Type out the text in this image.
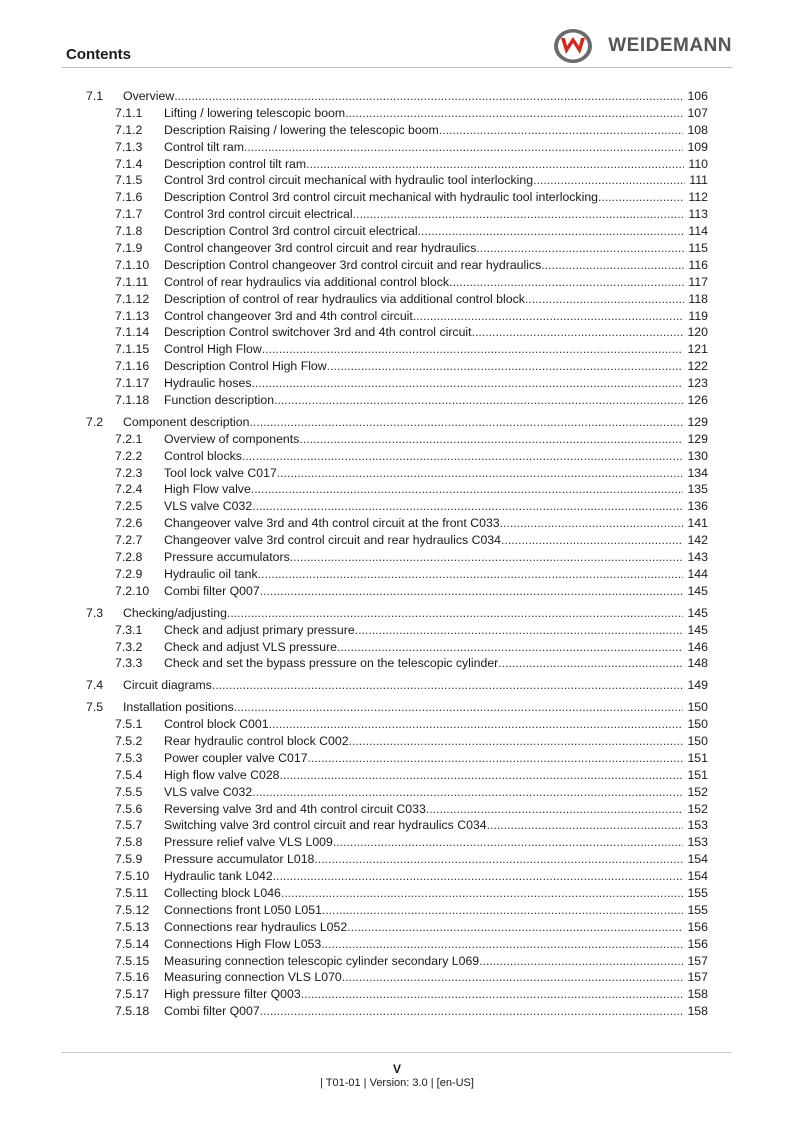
Contents	WEIDEMANN
7.1 Overview .....	106
7.1.1 Lifting / lowering telescopic boom .....	107
7.1.2 Description Raising / lowering the telescopic boom .....	108
7.1.3 Control tilt ram .....	109
7.1.4 Description control tilt ram .....	110
7.1.5 Control 3rd control circuit mechanical with hydraulic tool interlocking .....	111
7.1.6 Description Control 3rd control circuit mechanical with hydraulic tool interlocking .....	112
7.1.7 Control 3rd control circuit electrical .....	113
7.1.8 Description Control 3rd control circuit electrical .....	114
7.1.9 Control changeover 3rd control circuit and rear hydraulics .....	115
7.1.10 Description Control changeover 3rd control circuit and rear hydraulics .....	116
7.1.11 Control of rear hydraulics via additional control block .....	117
7.1.12 Description of control of rear hydraulics via additional control block .....	118
7.1.13 Control changeover 3rd and 4th control circuit .....	119
7.1.14 Description Control switchover 3rd and 4th control circuit .....	120
7.1.15 Control High Flow .....	121
7.1.16 Description Control High Flow .....	122
7.1.17 Hydraulic hoses .....	123
7.1.18 Function description .....	126
7.2 Component description .....	129
7.2.1 Overview of components .....	129
7.2.2 Control blocks .....	130
7.2.3 Tool lock valve C017 .....	134
7.2.4 High Flow valve .....	135
7.2.5 VLS valve C032 .....	136
7.2.6 Changeover valve 3rd and 4th control circuit at the front C033 .....	141
7.2.7 Changeover valve 3rd control circuit and rear hydraulics C034 .....	142
7.2.8 Pressure accumulators .....	143
7.2.9 Hydraulic oil tank .....	144
7.2.10 Combi filter Q007 .....	145
7.3 Checking/adjusting .....	145
7.3.1 Check and adjust primary pressure .....	145
7.3.2 Check and adjust VLS pressure .....	146
7.3.3 Check and set the bypass pressure on the telescopic cylinder .....	148
7.4 Circuit diagrams .....	149
7.5 Installation positions .....	150
7.5.1 Control block C001 .....	150
7.5.2 Rear hydraulic control block C002 .....	150
7.5.3 Power coupler valve C017 .....	151
7.5.4 High flow valve C028 .....	151
7.5.5 VLS valve C032 .....	152
7.5.6 Reversing valve 3rd and 4th control circuit C033 .....	152
7.5.7 Switching valve 3rd control circuit and rear hydraulics C034 .....	153
7.5.8 Pressure relief valve VLS L009 .....	153
7.5.9 Pressure accumulator L018 .....	154
7.5.10 Hydraulic tank L042 .....	154
7.5.11 Collecting block L046 .....	155
7.5.12 Connections front L050 L051 .....	155
7.5.13 Connections rear hydraulics L052 .....	156
7.5.14 Connections High Flow L053 .....	156
7.5.15 Measuring connection telescopic cylinder secondary L069 .....	157
7.5.16 Measuring connection VLS L070 .....	157
7.5.17 High pressure filter Q003 .....	158
7.5.18 Combi filter Q007 .....	158
V
| T01-01 | Version: 3.0 | [en-US]
